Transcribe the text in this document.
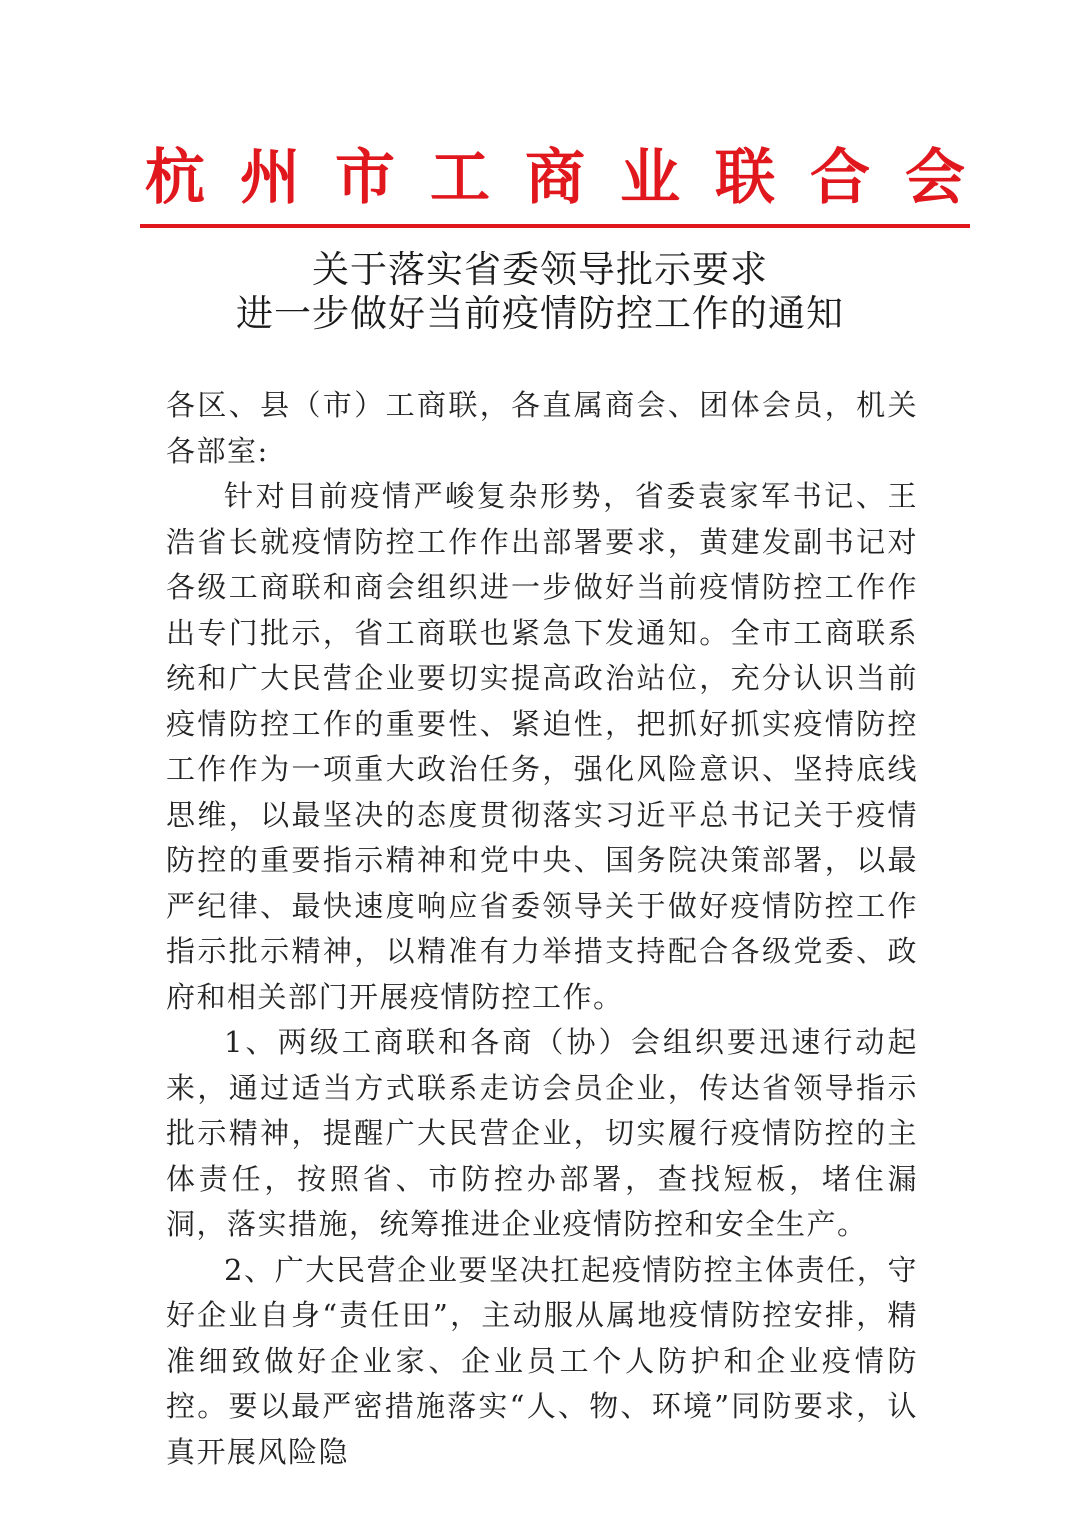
杭 州 市 工 商 业 联 合 会
关于落实省委领导批示要求
进一步做好当前疫情防控工作的通知

各区、县（市）工商联，各直属商会、团体会员，机关各部室:

针对目前疫情严峻复杂形势，省委袁家军书记、王浩省长就疫情防控工作作出部署要求，黄建发副书记对各级工商联和商会组织进一步做好当前疫情防控工作作出专门批示，省工商联也紧急下发通知。全市工商联系统和广大民营企业要切实提高政治站位，充分认识当前疫情防控工作的重要性、紧迫性，把抓好抓实疫情防控工作作为一项重大政治任务，强化风险意识、坚持底线思维，以最坚决的态度贯彻落实习近平总书记关于疫情防控的重要指示精神和党中央、国务院决策部署，以最严纪律、最快速度响应省委领导关于做好疫情防控工作指示批示精神，以精准有力举措支持配合各级党委、政府和相关部门开展疫情防控工作。

1、两级工商联和各商（协）会组织要迅速行动起来，通过适当方式联系走访会员企业，传达省领导指示批示精神，提醒广大民营企业，切实履行疫情防控的主体责任，按照省、市防控办部署，查找短板，堵住漏洞，落实措施，统筹推进企业疫情防控和安全生产。

2、广大民营企业要坚决扛起疫情防控主体责任，守好企业自身“责任田”，主动服从属地疫情防控安排，精准细致做好企业家、企业员工个人防护和企业疫情防控。要以最严密措施落实“人、物、环境”同防要求，认真开展风险隐
